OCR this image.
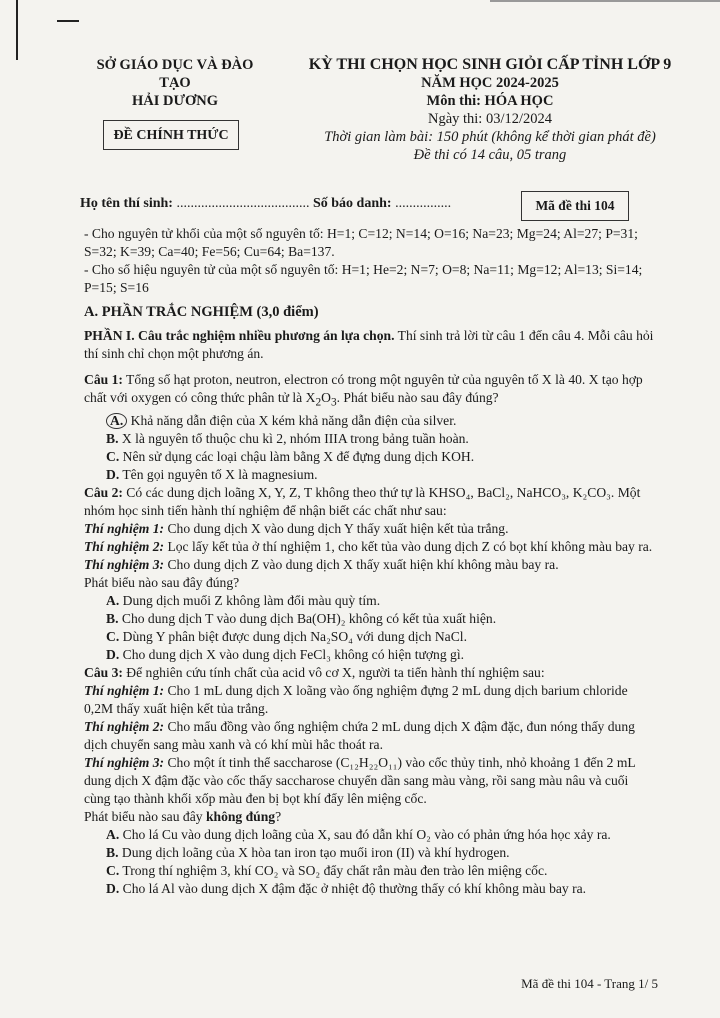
SỞ GIÁO DỤC VÀ ĐÀO TẠO
HẢI DƯƠNG
ĐỀ CHÍNH THỨC
KỲ THI CHỌN HỌC SINH GIỎI CẤP TỈNH LỚP 9
NĂM HỌC 2024-2025
Môn thi: HÓA HỌC
Ngày thi: 03/12/2024
Thời gian làm bài: 150 phút (không kể thời gian phát đề)
Đề thi có 14 câu, 05 trang
Họ tên thí sinh: ...................................... Số báo danh: ................	Mã đề thi 104

- Cho nguyên tử khối của một số nguyên tố: H=1; C=12; N=14; O=16; Na=23; Mg=24; Al=27; P=31; S=32; K=39; Ca=40; Fe=56; Cu=64; Ba=137.

- Cho số hiệu nguyên tử của một số nguyên tố: H=1; He=2; N=7; O=8; Na=11; Mg=12; Al=13; Si=14; P=15; S=16

A. PHẦN TRẮC NGHIỆM (3,0 điểm)

PHẦN I. Câu trắc nghiệm nhiều phương án lựa chọn. Thí sinh trả lời từ câu 1 đến câu 4. Mỗi câu hỏi thí sinh chỉ chọn một phương án.

Câu 1: Tổng số hạt proton, neutron, electron có trong một nguyên tử của nguyên tố X là 40. X tạo hợp chất với oxygen có công thức phân tử là $X_2O_3$. Phát biểu nào sau đây đúng?

A. Khả năng dẫn điện của X kém khả năng dẫn điện của silver.

B. X là nguyên tố thuộc chu kì 2, nhóm IIIA trong bảng tuần hoàn.

C. Nên sử dụng các loại chậu làm bằng X để đựng dung dịch KOH.

D. Tên gọi nguyên tố X là magnesium.

Câu 2: Có các dung dịch loãng X, Y, Z, T không theo thứ tự là KHSO₄, BaCl₂, NaHCO₃, K₂CO₃. Một nhóm học sinh tiến hành thí nghiệm để nhận biết các chất như sau:

Thí nghiệm 1: Cho dung dịch X vào dung dịch Y thấy xuất hiện kết tủa trắng.

Thí nghiệm 2: Lọc lấy kết tủa ở thí nghiệm 1, cho kết tủa vào dung dịch Z có bọt khí không màu bay ra.

Thí nghiệm 3: Cho dung dịch Z vào dung dịch X thấy xuất hiện khí không màu bay ra.

Phát biểu nào sau đây đúng?

A. Dung dịch muối Z không làm đổi màu quỳ tím.

B. Cho dung dịch T vào dung dịch Ba(OH)₂ không có kết tủa xuất hiện.

C. Dùng Y phân biệt được dung dịch Na₂SO₄ với dung dịch NaCl.

D. Cho dung dịch X vào dung dịch FeCl₃ không có hiện tượng gì.

Câu 3: Để nghiên cứu tính chất của acid vô cơ X, người ta tiến hành thí nghiệm sau:

Thí nghiệm 1: Cho 1 mL dung dịch X loãng vào ống nghiệm đựng 2 mL dung dịch barium chloride 0,2M thấy xuất hiện kết tủa trắng.

Thí nghiệm 2: Cho mẩu đồng vào ống nghiệm chứa 2 mL dung dịch X đậm đặc, đun nóng thấy dung dịch chuyển sang màu xanh và có khí mùi hắc thoát ra.

Thí nghiệm 3: Cho một ít tinh thể saccharose (C₁₂H₂₂O₁₁) vào cốc thủy tinh, nhỏ khoảng 1 đến 2 mL dung dịch X đậm đặc vào cốc thấy saccharose chuyển dần sang màu vàng, rồi sang màu nâu và cuối cùng tạo thành khối xốp màu đen bị bọt khí đẩy lên miệng cốc.

Phát biểu nào sau đây không đúng?

A. Cho lá Cu vào dung dịch loãng của X, sau đó dẫn khí O₂ vào có phản ứng hóa học xảy ra.

B. Dung dịch loãng của X hòa tan iron tạo muối iron (II) và khí hydrogen.

C. Trong thí nghiệm 3, khí CO₂ và SO₂ đẩy chất rắn màu đen trào lên miệng cốc.

D. Cho lá Al vào dung dịch X đậm đặc ở nhiệt độ thường thấy có khí không màu bay ra.

Mã đề thi 104 - Trang 1/ 5
